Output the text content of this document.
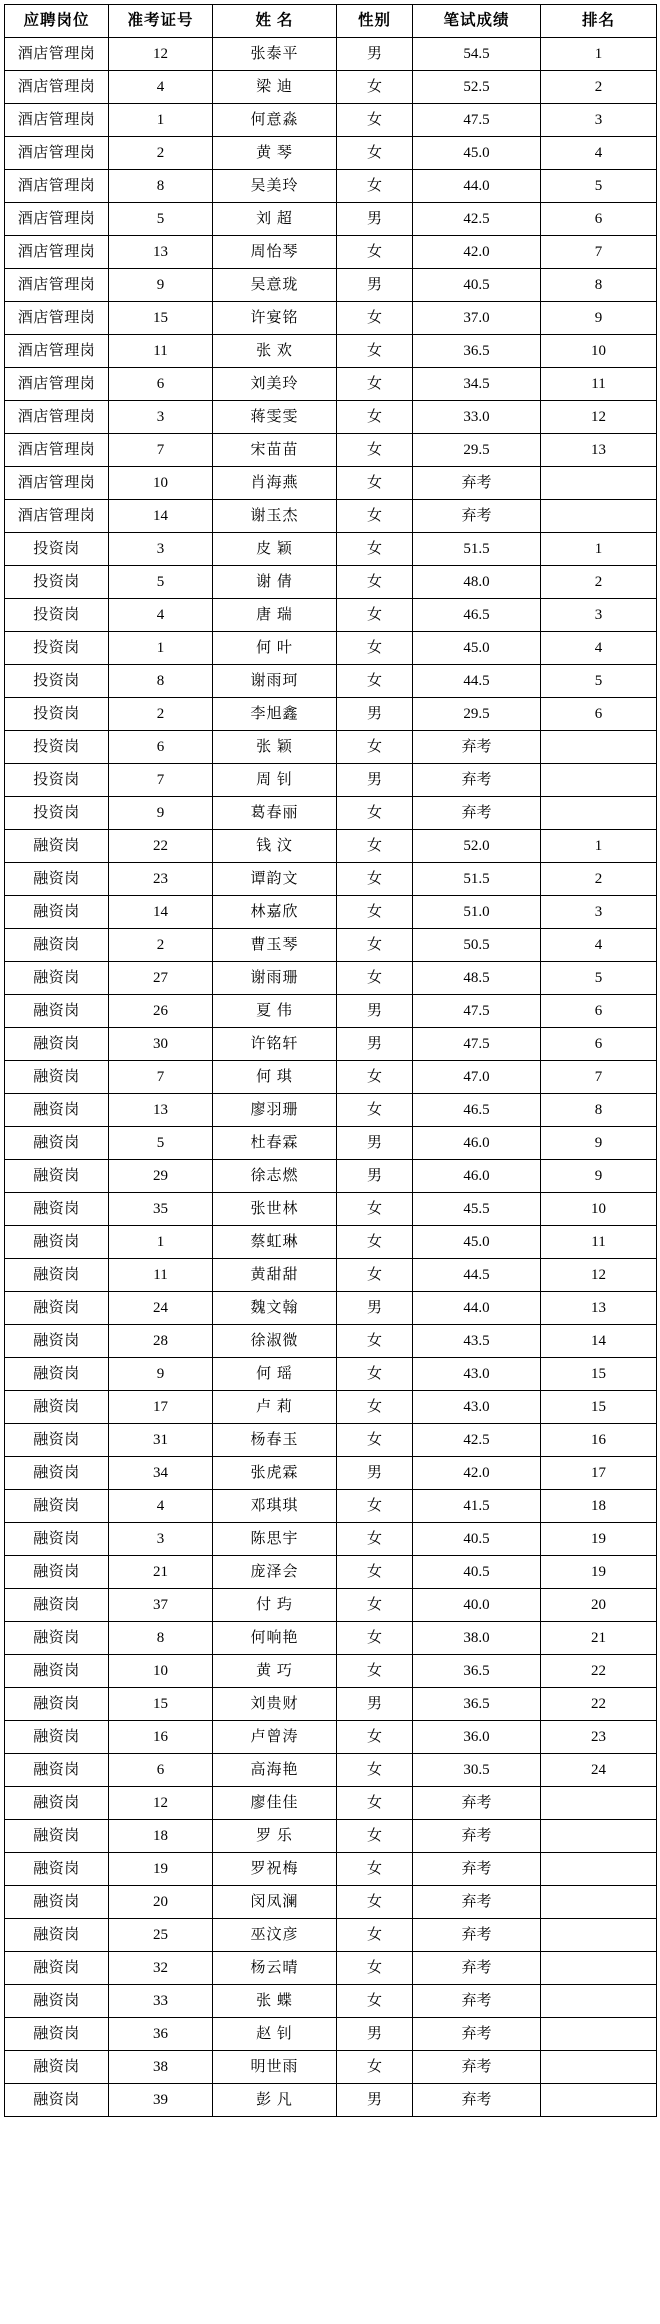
应聘岗位	准考证号	姓 名	性别	笔试成绩	排名
酒店管理岗	12	张泰平	男	54.5	1
酒店管理岗	4	梁 迪	女	52.5	2
酒店管理岗	1	何意淼	女	47.5	3
酒店管理岗	2	黄 琴	女	45.0	4
酒店管理岗	8	吴美玲	女	44.0	5
酒店管理岗	5	刘 超	男	42.5	6
酒店管理岗	13	周怡琴	女	42.0	7
酒店管理岗	9	吴意珑	男	40.5	8
酒店管理岗	15	许宴铭	女	37.0	9
酒店管理岗	11	张 欢	女	36.5	10
酒店管理岗	6	刘美玲	女	34.5	11
酒店管理岗	3	蒋雯雯	女	33.0	12
酒店管理岗	7	宋苗苗	女	29.5	13
酒店管理岗	10	肖海燕	女	弃考	
酒店管理岗	14	谢玉杰	女	弃考	
投资岗	3	皮 颖	女	51.5	1
投资岗	5	谢 倩	女	48.0	2
投资岗	4	唐 瑞	女	46.5	3
投资岗	1	何 叶	女	45.0	4
投资岗	8	谢雨珂	女	44.5	5
投资岗	2	李旭鑫	男	29.5	6
投资岗	6	张 颖	女	弃考	
投资岗	7	周 钊	男	弃考	
投资岗	9	葛春丽	女	弃考	
融资岗	22	钱 汶	女	52.0	1
融资岗	23	谭韵文	女	51.5	2
融资岗	14	林嘉欣	女	51.0	3
融资岗	2	曹玉琴	女	50.5	4
融资岗	27	谢雨珊	女	48.5	5
融资岗	26	夏 伟	男	47.5	6
融资岗	30	许铭轩	男	47.5	6
融资岗	7	何 琪	女	47.0	7
融资岗	13	廖羽珊	女	46.5	8
融资岗	5	杜春霖	男	46.0	9
融资岗	29	徐志燃	男	46.0	9
融资岗	35	张世林	女	45.5	10
融资岗	1	蔡虹琳	女	45.0	11
融资岗	11	黄甜甜	女	44.5	12
融资岗	24	魏文翰	男	44.0	13
融资岗	28	徐淑微	女	43.5	14
融资岗	9	何 瑶	女	43.0	15
融资岗	17	卢 莉	女	43.0	15
融资岗	31	杨春玉	女	42.5	16
融资岗	34	张虎霖	男	42.0	17
融资岗	4	邓琪琪	女	41.5	18
融资岗	3	陈思宇	女	40.5	19
融资岗	21	庞泽会	女	40.5	19
融资岗	37	付 玙	女	40.0	20
融资岗	8	何响艳	女	38.0	21
融资岗	10	黄 巧	女	36.5	22
融资岗	15	刘贵财	男	36.5	22
融资岗	16	卢曾涛	女	36.0	23
融资岗	6	高海艳	女	30.5	24
融资岗	12	廖佳佳	女	弃考	
融资岗	18	罗 乐	女	弃考	
融资岗	19	罗祝梅	女	弃考	
融资岗	20	闵凤澜	女	弃考	
融资岗	25	巫汶彦	女	弃考	
融资岗	32	杨云晴	女	弃考	
融资岗	33	张 蝶	女	弃考	
融资岗	36	赵 钊	男	弃考	
融资岗	38	明世雨	女	弃考	
融资岗	39	彭 凡	男	弃考	
